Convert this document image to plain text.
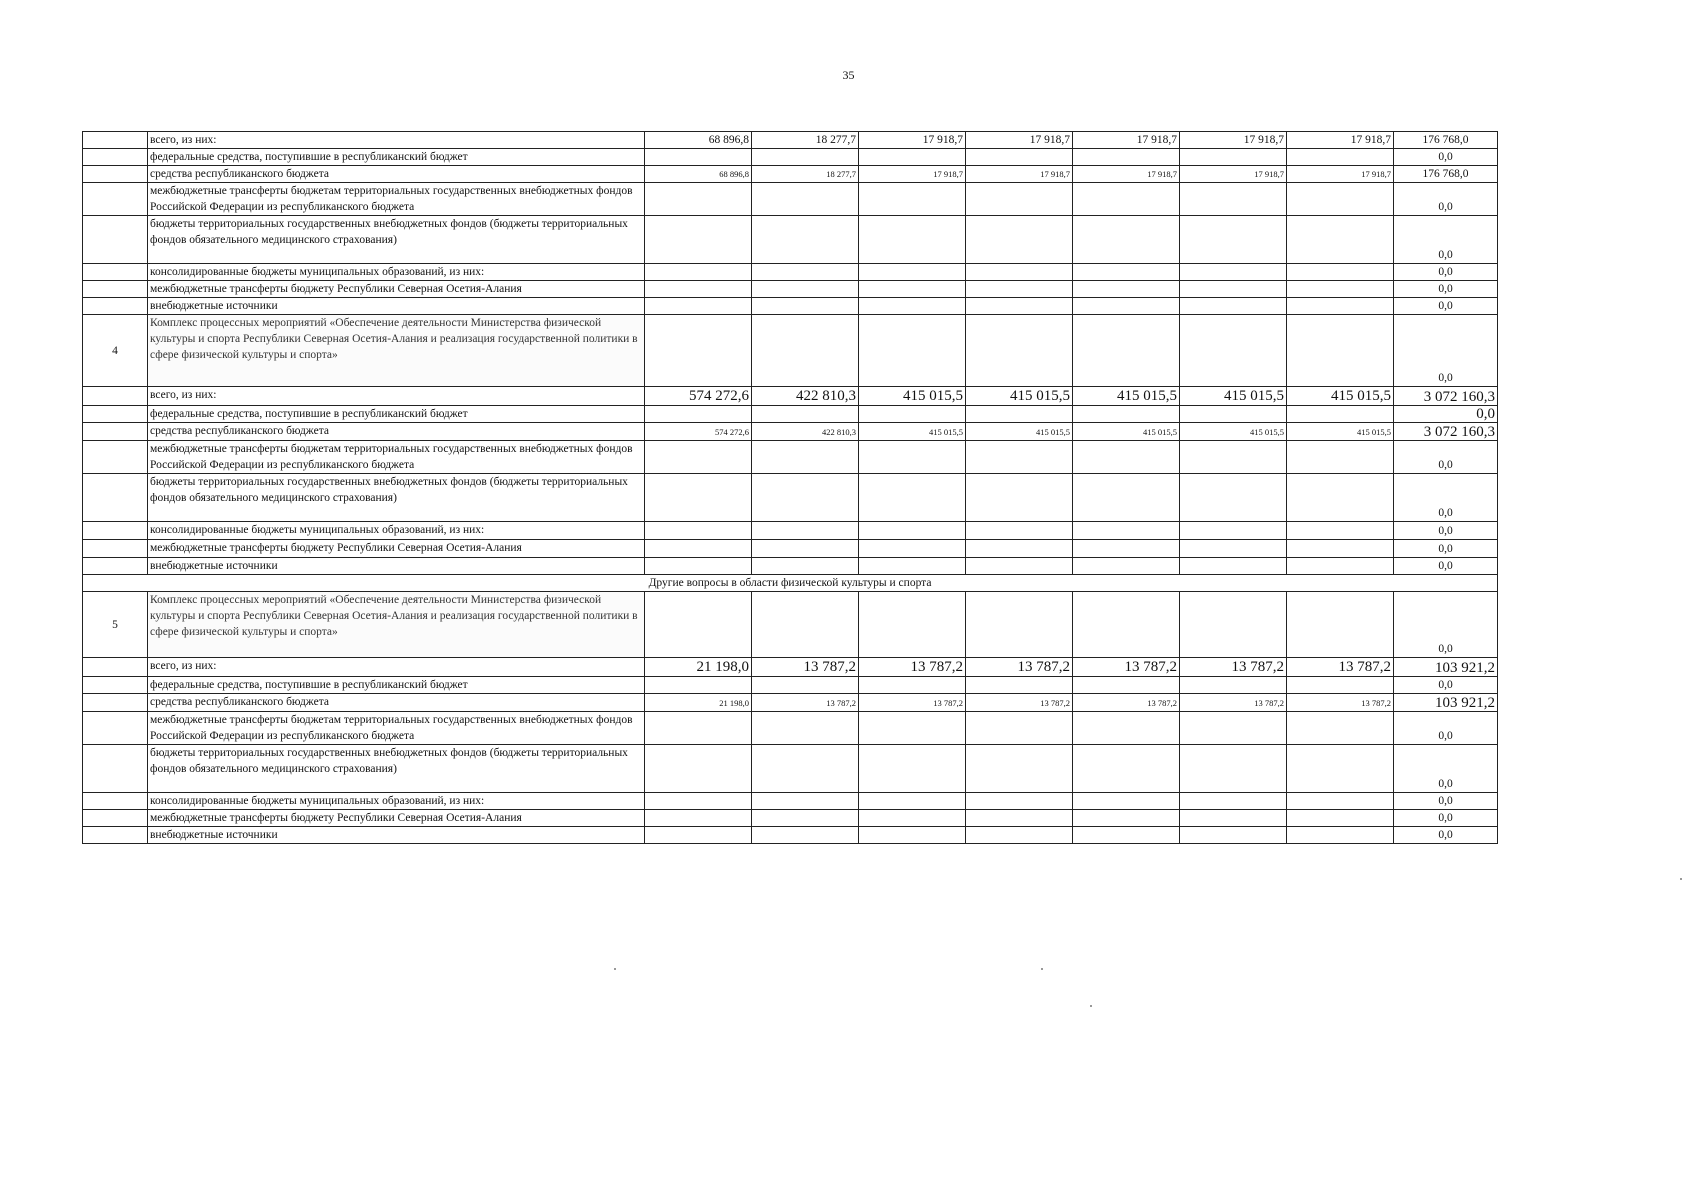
35
	всего, из них:	68 896,8	18 277,7	17 918,7	17 918,7	17 918,7	17 918,7	17 918,7	176 768,0
	федеральные средства, поступившие в республиканский бюджет								0,0
	средства республиканского бюджета	68 896,8	18 277,7	17 918,7	17 918,7	17 918,7	17 918,7	17 918,7	176 768,0
	межбюджетные трансферты бюджетам территориальных государственных внебюджетных фондов Российской Федерации из республиканского бюджета								0,0
	бюджеты территориальных государственных внебюджетных фондов (бюджеты территориальных фондов обязательного медицинского страхования)								0,0
	консолидированные бюджеты муниципальных образований, из них:								0,0
	межбюджетные трансферты бюджету Республики Северная Осетия-Алания								0,0
	внебюджетные источники								0,0
4	Комплекс процессных мероприятий «Обеспечение деятельности Министерства физической культуры и спорта Республики Северная Осетия-Алания и реализация государственной политики в сфере физической культуры и спорта»								0,0
	всего, из них:	574 272,6	422 810,3	415 015,5	415 015,5	415 015,5	415 015,5	415 015,5	3 072 160,3
	федеральные средства, поступившие в республиканский бюджет								0,0
	средства республиканского бюджета	574 272,6	422 810,3	415 015,5	415 015,5	415 015,5	415 015,5	415 015,5	3 072 160,3
	межбюджетные трансферты бюджетам территориальных государственных внебюджетных фондов Российской Федерации из республиканского бюджета								0,0
	бюджеты территориальных государственных внебюджетных фондов (бюджеты территориальных фондов обязательного медицинского страхования)								0,0
	консолидированные бюджеты муниципальных образований, из них:								0,0
	межбюджетные трансферты бюджету Республики Северная Осетия-Алания								0,0
	внебюджетные источники								0,0
Другие вопросы в области физической культуры и спорта									
5	Комплекс процессных мероприятий «Обеспечение деятельности Министерства физической культуры и спорта Республики Северная Осетия-Алания и реализация государственной политики в сфере физической культуры и спорта»								0,0
	всего, из них:	21 198,0	13 787,2	13 787,2	13 787,2	13 787,2	13 787,2	13 787,2	103 921,2
	федеральные средства, поступившие в республиканский бюджет								0,0
	средства республиканского бюджета	21 198,0	13 787,2	13 787,2	13 787,2	13 787,2	13 787,2	13 787,2	103 921,2
	межбюджетные трансферты бюджетам территориальных государственных внебюджетных фондов Российской Федерации из республиканского бюджета								0,0
	бюджеты территориальных государственных внебюджетных фондов (бюджеты территориальных фондов обязательного медицинского страхования)								0,0
	консолидированные бюджеты муниципальных образований, из них:								0,0
	межбюджетные трансферты бюджету Республики Северная Осетия-Алания								0,0
	внебюджетные источники								0,0
